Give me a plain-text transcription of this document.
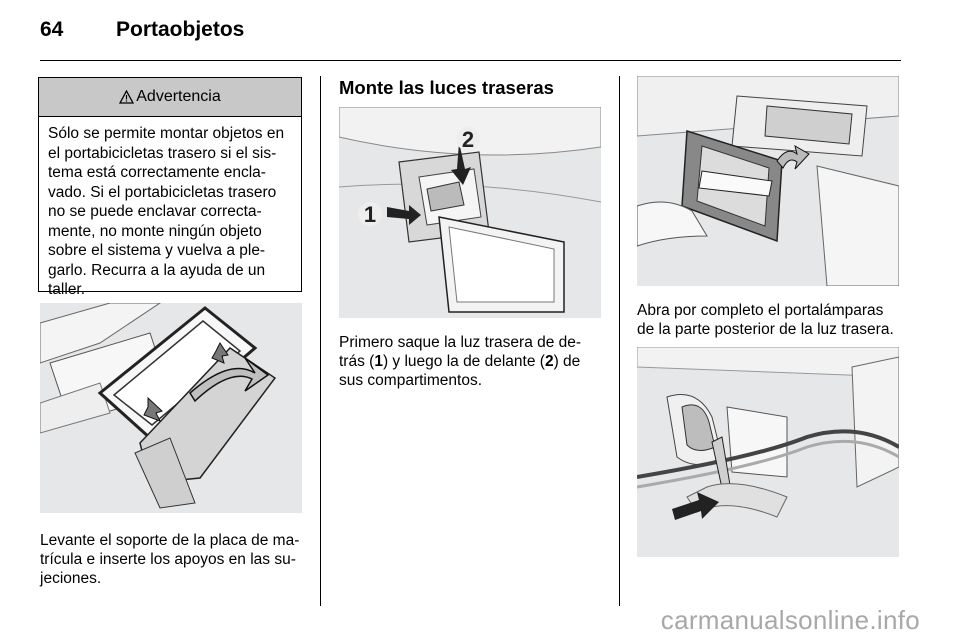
64	Portaobjetos
Advertencia
Sólo se permite montar objetos en
el portabicicletas trasero si el sis-
tema está correctamente encla-
vado. Si el portabicicletas trasero
no se puede enclavar correcta-
mente, no monte ningún objeto
sobre el sistema y vuelva a ple-
garlo. Recurra a la ayuda de un
taller.
Levante el soporte de la placa de ma-
trícula e inserte los apoyos en las su-
jeciones.
Monte las luces traseras
1
2
Primero saque la luz trasera de de-
trás (1) y luego la de delante (2) de
sus compartimentos.
Abra por completo el portalámparas
de la parte posterior de la luz trasera.
carmanualsonline.info
